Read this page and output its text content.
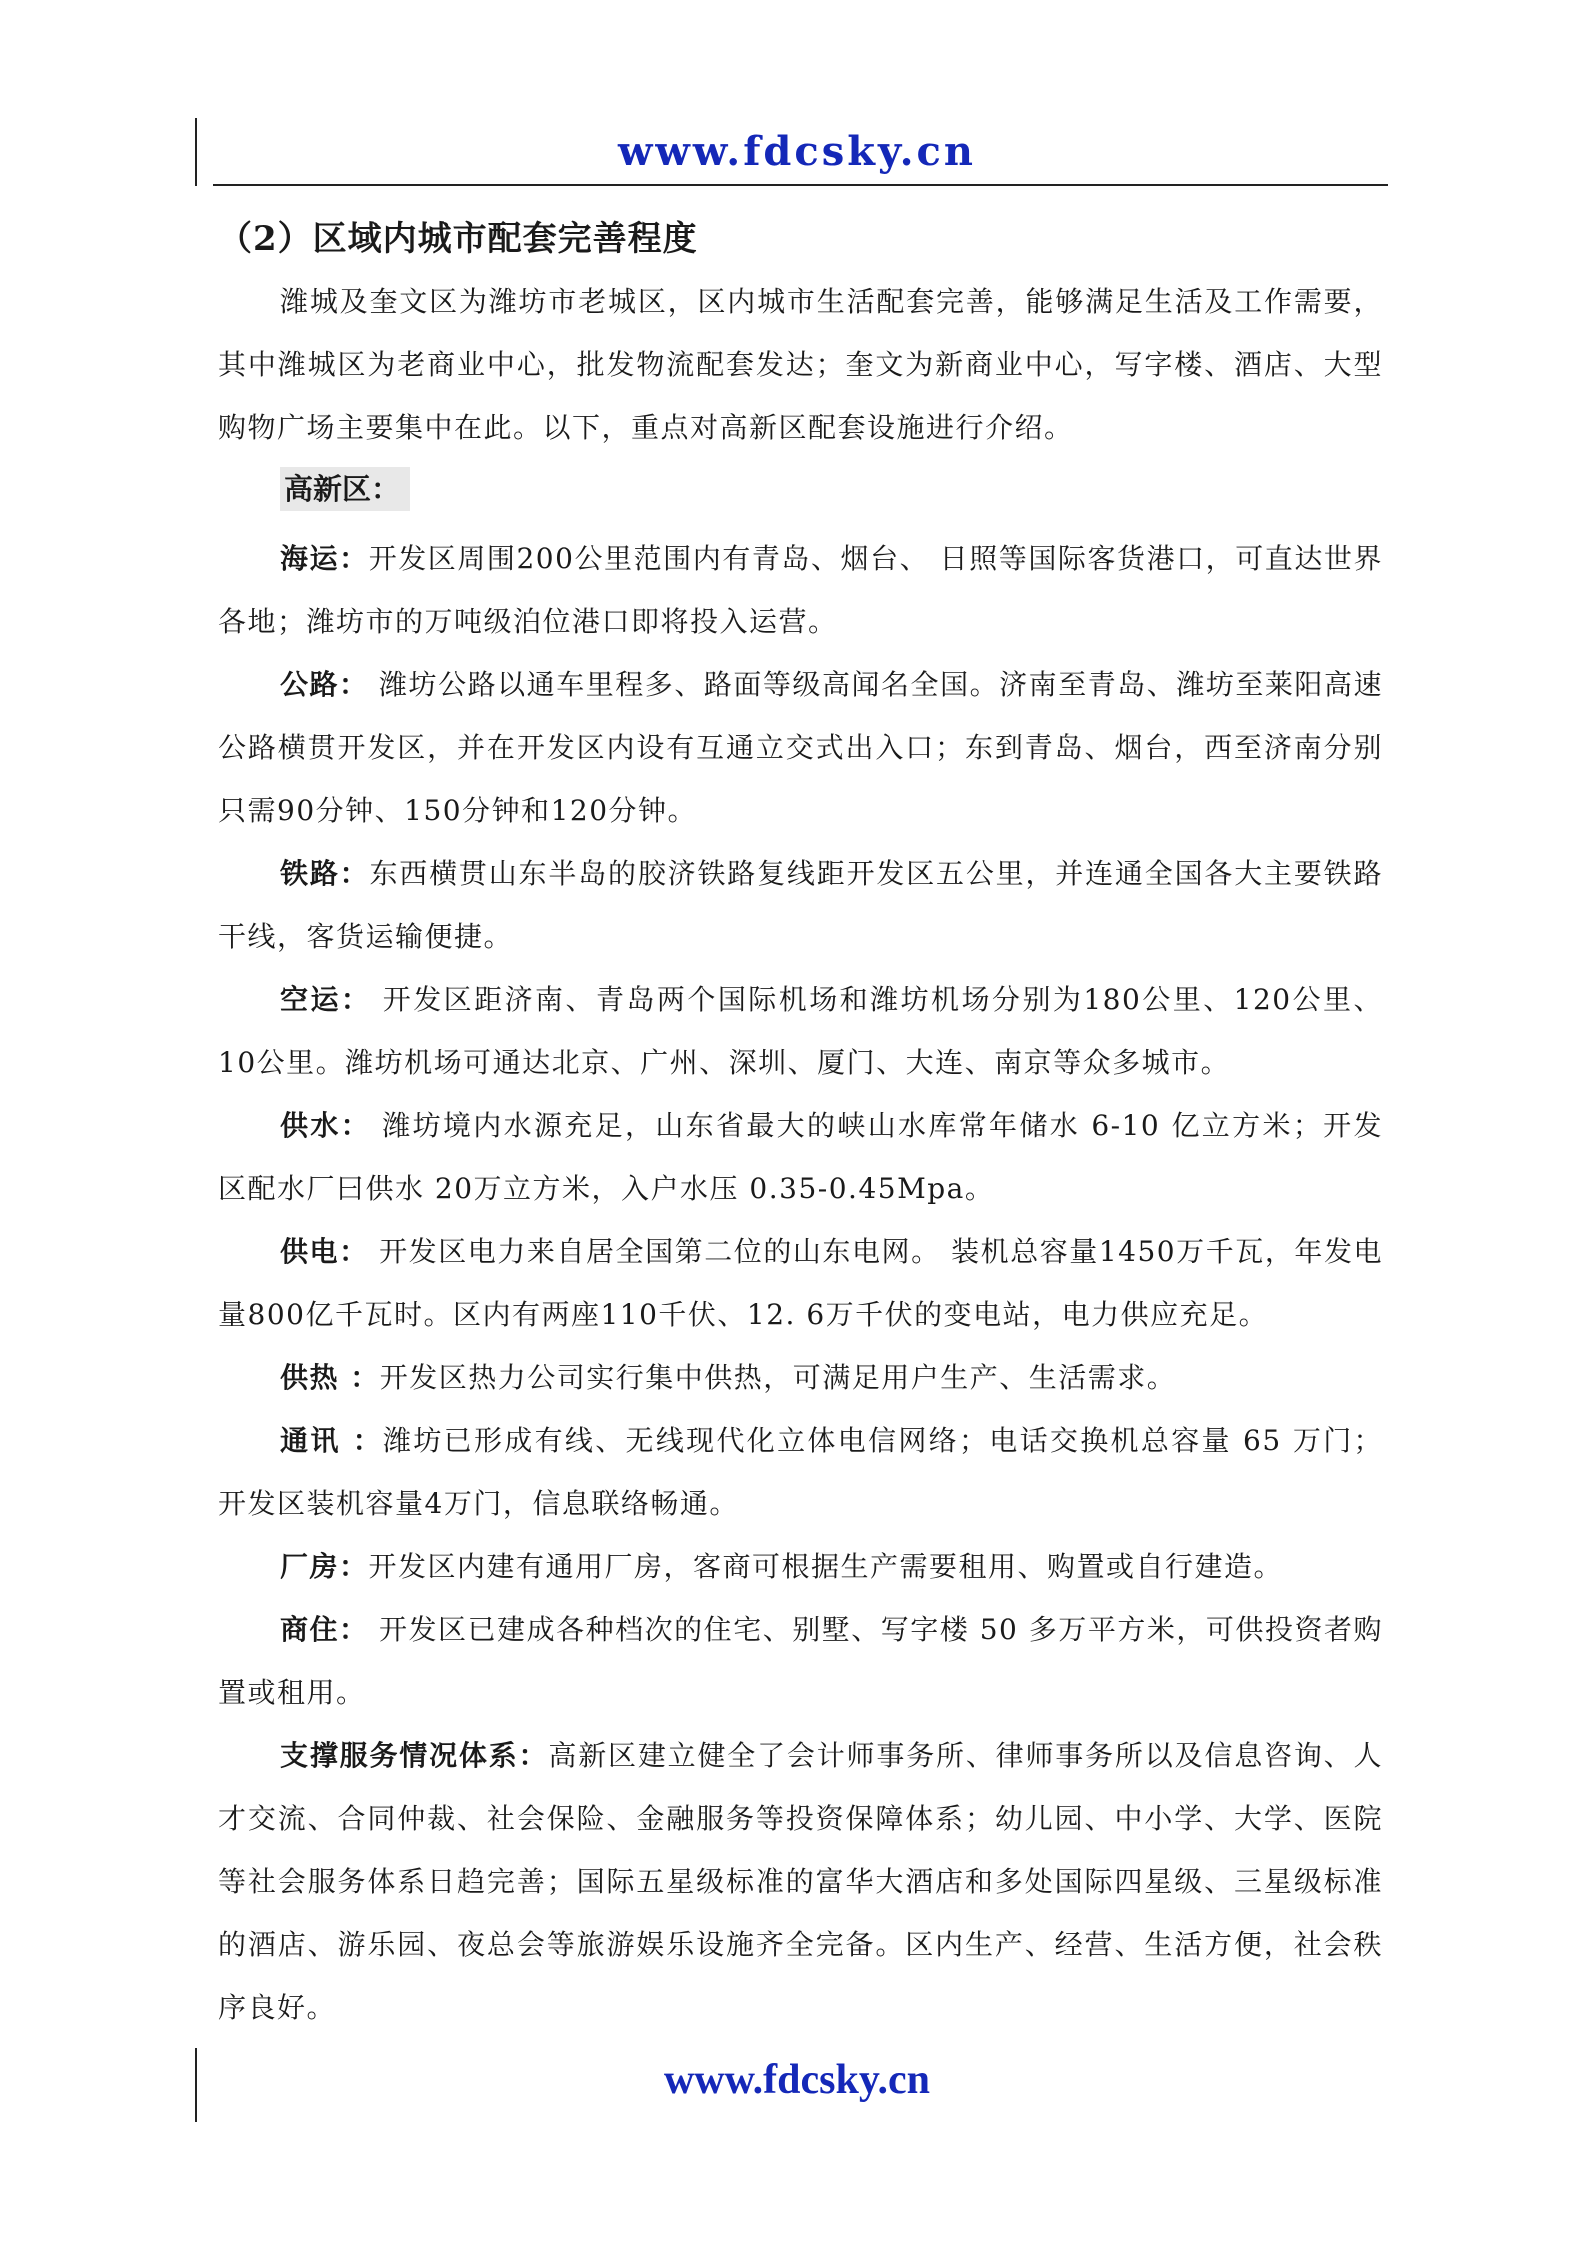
www.fdcsky.cn
（2）区域内城市配套完善程度

潍城及奎文区为潍坊市老城区，区内城市生活配套完善，能够满足生活及工作需要，其中潍城区为老商业中心，批发物流配套发达；奎文为新商业中心，写字楼、酒店、大型购物广场主要集中在此。以下，重点对高新区配套设施进行介绍。

高新区：

海运：开发区周围200公里范围内有青岛、烟台、 日照等国际客货港口，可直达世界各地；潍坊市的万吨级泊位港口即将投入运营。

公路： 潍坊公路以通车里程多、路面等级高闻名全国。济南至青岛、潍坊至莱阳高速公路横贯开发区，并在开发区内设有互通立交式出入口；东到青岛、烟台，西至济南分别只需90分钟、150分钟和120分钟。

铁路：东西横贯山东半岛的胶济铁路复线距开发区五公里，并连通全国各大主要铁路干线，客货运输便捷。

空运： 开发区距济南、青岛两个国际机场和潍坊机场分别为180公里、120公里、10公里。潍坊机场可通达北京、广州、深圳、厦门、大连、南京等众多城市。

供水： 潍坊境内水源充足，山东省最大的峡山水库常年储水 6-10 亿立方米；开发区配水厂曰供水 20万立方米，入户水压 0.35-0.45Mpa。

供电： 开发区电力来自居全国第二位的山东电网。 装机总容量1450万千瓦，年发电量800亿千瓦时。区内有两座110千伏、12. 6万千伏的变电站，电力供应充足。

供热 ：开发区热力公司实行集中供热，可满足用户生产、生活需求。

通讯 ：潍坊已形成有线、无线现代化立体电信网络；电话交换机总容量 65 万门；开发区装机容量4万门，信息联络畅通。

厂房：开发区内建有通用厂房，客商可根据生产需要租用、购置或自行建造。

商住： 开发区已建成各种档次的住宅、别墅、写字楼 50 多万平方米，可供投资者购置或租用。

支撑服务情况体系：高新区建立健全了会计师事务所、律师事务所以及信息咨询、人才交流、合同仲裁、社会保险、金融服务等投资保障体系；幼儿园、中小学、大学、医院等社会服务体系日趋完善；国际五星级标准的富华大酒店和多处国际四星级、三星级标准的酒店、游乐园、夜总会等旅游娱乐设施齐全完备。区内生产、经营、生活方便，社会秩序良好。

www.fdcsky.cn
